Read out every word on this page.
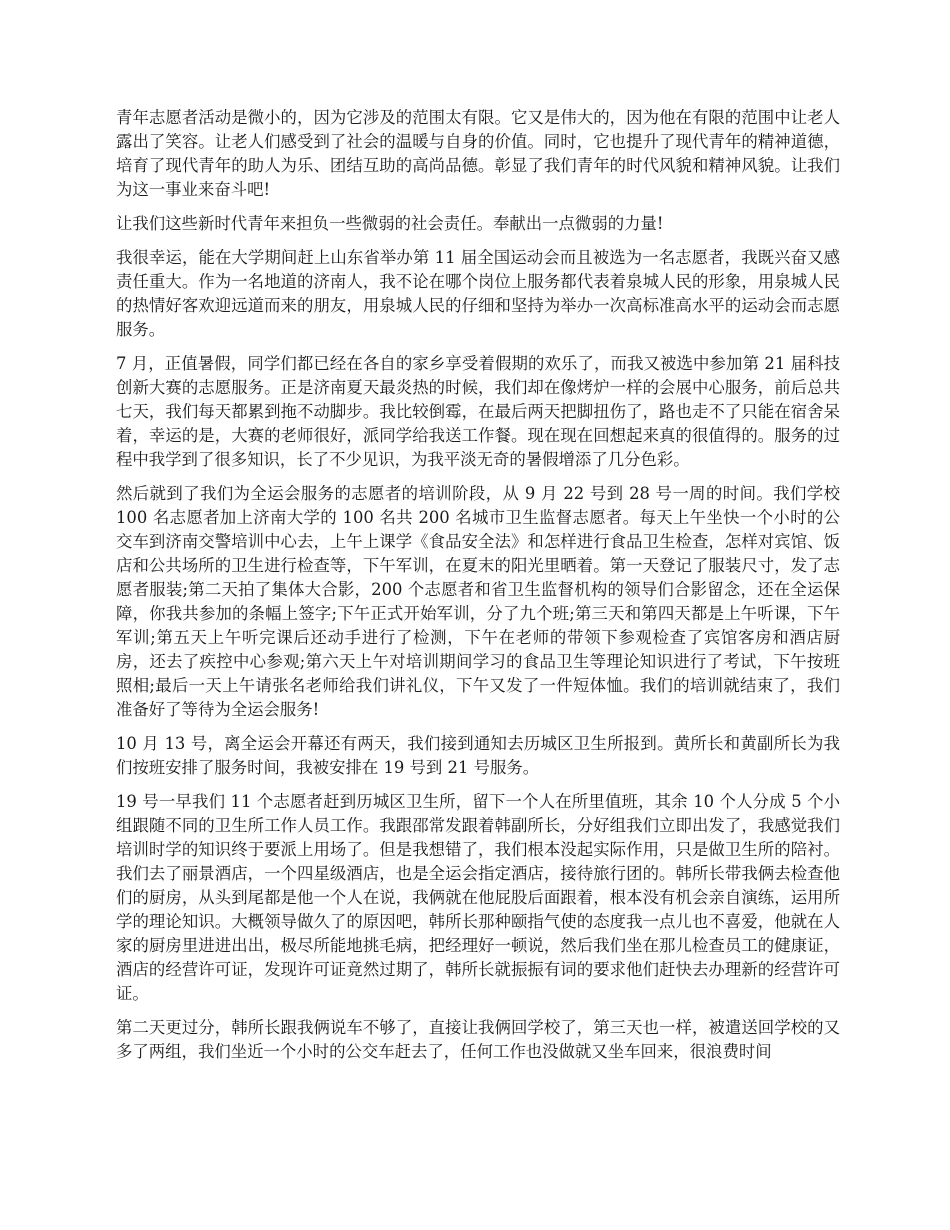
青年志愿者活动是微小的，因为它涉及的范围太有限。它又是伟大的，因为他在有限的范围中让老人露出了笑容。让老人们感受到了社会的温暖与自身的价值。同时，它也提升了现代青年的精神道德，培育了现代青年的助人为乐、团结互助的高尚品德。彰显了我们青年的时代风貌和精神风貌。让我们为这一事业来奋斗吧!

让我们这些新时代青年来担负一些微弱的社会责任。奉献出一点微弱的力量!

我很幸运，能在大学期间赶上山东省举办第 11 届全国运动会而且被选为一名志愿者，我既兴奋又感责任重大。作为一名地道的济南人，我不论在哪个岗位上服务都代表着泉城人民的形象，用泉城人民的热情好客欢迎远道而来的朋友，用泉城人民的仔细和坚持为举办一次高标准高水平的运动会而志愿服务。

7 月，正值暑假，同学们都已经在各自的家乡享受着假期的欢乐了，而我又被选中参加第 21 届科技创新大赛的志愿服务。正是济南夏天最炎热的时候，我们却在像烤炉一样的会展中心服务，前后总共七天，我们每天都累到拖不动脚步。我比较倒霉，在最后两天把脚扭伤了，路也走不了只能在宿舍呆着，幸运的是，大赛的老师很好，派同学给我送工作餐。现在现在回想起来真的很值得的。服务的过程中我学到了很多知识，长了不少见识，为我平淡无奇的暑假增添了几分色彩。

然后就到了我们为全运会服务的志愿者的培训阶段，从 9 月 22 号到 28 号一周的时间。我们学校 100 名志愿者加上济南大学的 100 名共 200 名城市卫生监督志愿者。每天上午坐快一个小时的公交车到济南交警培训中心去，上午上课学《食品安全法》和怎样进行食品卫生检查，怎样对宾馆、饭店和公共场所的卫生进行检查等，下午军训，在夏末的阳光里晒着。第一天登记了服装尺寸，发了志愿者服装;第二天拍了集体大合影，200 个志愿者和省卫生监督机构的领导们合影留念，还在全运保障，你我共参加的条幅上签字;下午正式开始军训，分了九个班;第三天和第四天都是上午听课，下午军训;第五天上午听完课后还动手进行了检测，下午在老师的带领下参观检查了宾馆客房和酒店厨房，还去了疾控中心参观;第六天上午对培训期间学习的食品卫生等理论知识进行了考试，下午按班照相;最后一天上午请张名老师给我们讲礼仪，下午又发了一件短体恤。我们的培训就结束了，我们准备好了等待为全运会服务!

10 月 13 号，离全运会开幕还有两天，我们接到通知去历城区卫生所报到。黄所长和黄副所长为我们按班安排了服务时间，我被安排在 19 号到 21 号服务。

19 号一早我们 11 个志愿者赶到历城区卫生所，留下一个人在所里值班，其余 10 个人分成 5 个小组跟随不同的卫生所工作人员工作。我跟邵常发跟着韩副所长，分好组我们立即出发了，我感觉我们培训时学的知识终于要派上用场了。但是我想错了，我们根本没起实际作用，只是做卫生所的陪衬。我们去了丽景酒店，一个四星级酒店，也是全运会指定酒店，接待旅行团的。韩所长带我俩去检查他们的厨房，从头到尾都是他一个人在说，我俩就在他屁股后面跟着，根本没有机会亲自演练，运用所学的理论知识。大概领导做久了的原因吧，韩所长那种颐指气使的态度我一点儿也不喜爱，他就在人家的厨房里进进出出，极尽所能地挑毛病，把经理好一顿说，然后我们坐在那儿检查员工的健康证，酒店的经营许可证，发现许可证竟然过期了，韩所长就振振有词的要求他们赶快去办理新的经营许可证。

第二天更过分，韩所长跟我俩说车不够了，直接让我俩回学校了，第三天也一样，被遣送回学校的又多了两组，我们坐近一个小时的公交车赶去了，任何工作也没做就又坐车回来，很浪费时间
